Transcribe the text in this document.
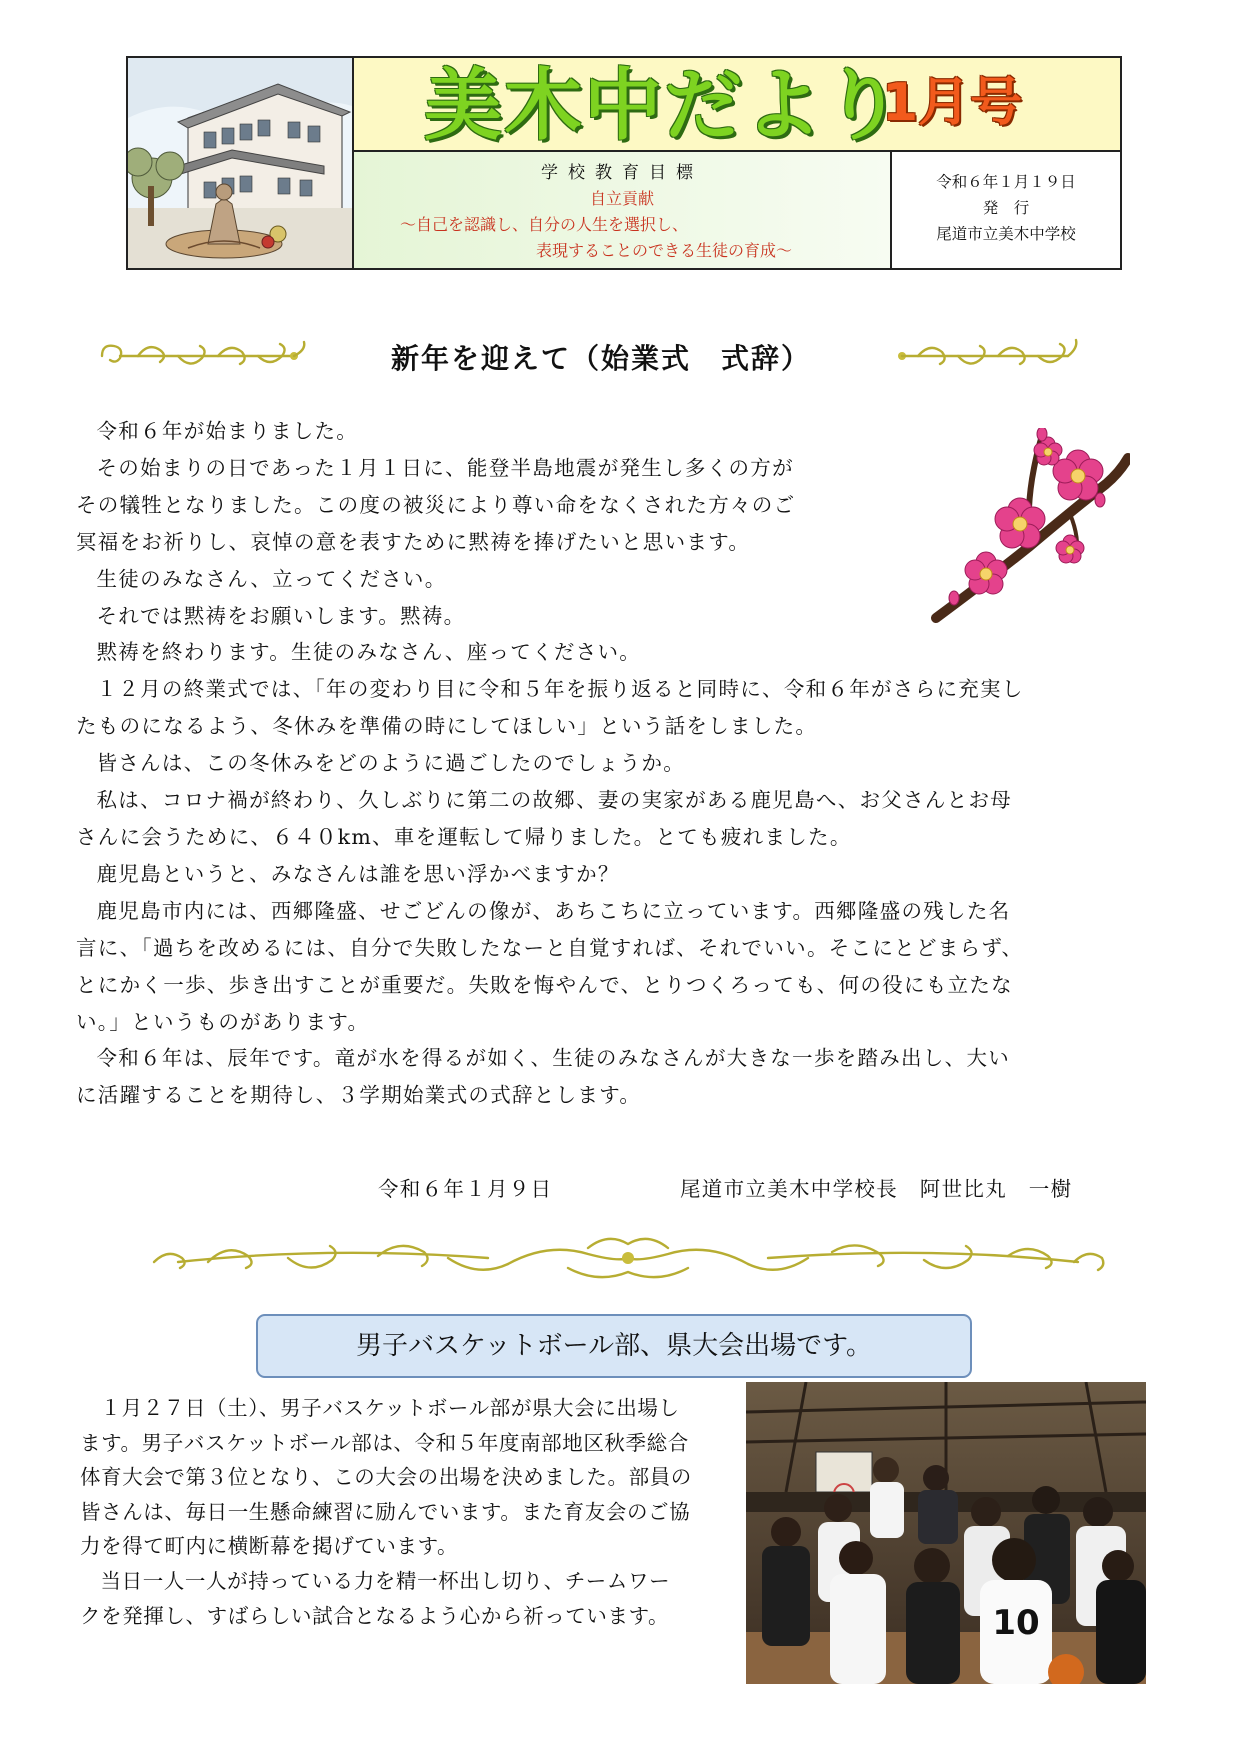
美木中だより
1月号
学校教育目標
自立貢献
～自己を認識し、自分の人生を選択し、
表現することのできる生徒の育成～
令和６年１月１９日
発　行
尾道市立美木中学校
新年を迎えて（始業式　式辞）

令和６年が始まりました。

その始まりの日であった１月１日に、能登半島地震が発生し多くの方が

その犠牲となりました。この度の被災により尊い命をなくされた方々のご

冥福をお祈りし、哀悼の意を表すために黙祷を捧げたいと思います。

生徒のみなさん、立ってください。

それでは黙祷をお願いします。黙祷。

黙祷を終わります。生徒のみなさん、座ってください。

１２月の終業式では、「年の変わり目に令和５年を振り返ると同時に、令和６年がさらに充実し

たものになるよう、冬休みを準備の時にしてほしい」という話をしました。

皆さんは、この冬休みをどのように過ごしたのでしょうか。

私は、コロナ禍が終わり、久しぶりに第二の故郷、妻の実家がある鹿児島へ、お父さんとお母

さんに会うために、６４０km、車を運転して帰りました。とても疲れました。

鹿児島というと、みなさんは誰を思い浮かべますか？

鹿児島市内には、西郷隆盛、せごどんの像が、あちこちに立っています。西郷隆盛の残した名

言に、「過ちを改めるには、自分で失敗したなーと自覚すれば、それでいい。そこにとどまらず、

とにかく一歩、歩き出すことが重要だ。失敗を悔やんで、とりつくろっても、何の役にも立たな

い。」というものがあります。

令和６年は、辰年です。竜が水を得るが如く、生徒のみなさんが大きな一歩を踏み出し、大い

に活躍することを期待し、３学期始業式の式辞とします。

令和６年１月９日	尾道市立美木中学校長　阿世比丸　一樹
男子バスケットボール部、県大会出場です。

１月２７日（土）、男子バスケットボール部が県大会に出場し

ます。男子バスケットボール部は、令和５年度南部地区秋季総合

体育大会で第３位となり、この大会の出場を決めました。部員の

皆さんは、毎日一生懸命練習に励んでいます。また育友会のご協

力を得て町内に横断幕を掲げています。

当日一人一人が持っている力を精一杯出し切り、チームワー

クを発揮し、すばらしい試合となるよう心から祈っています。	10
